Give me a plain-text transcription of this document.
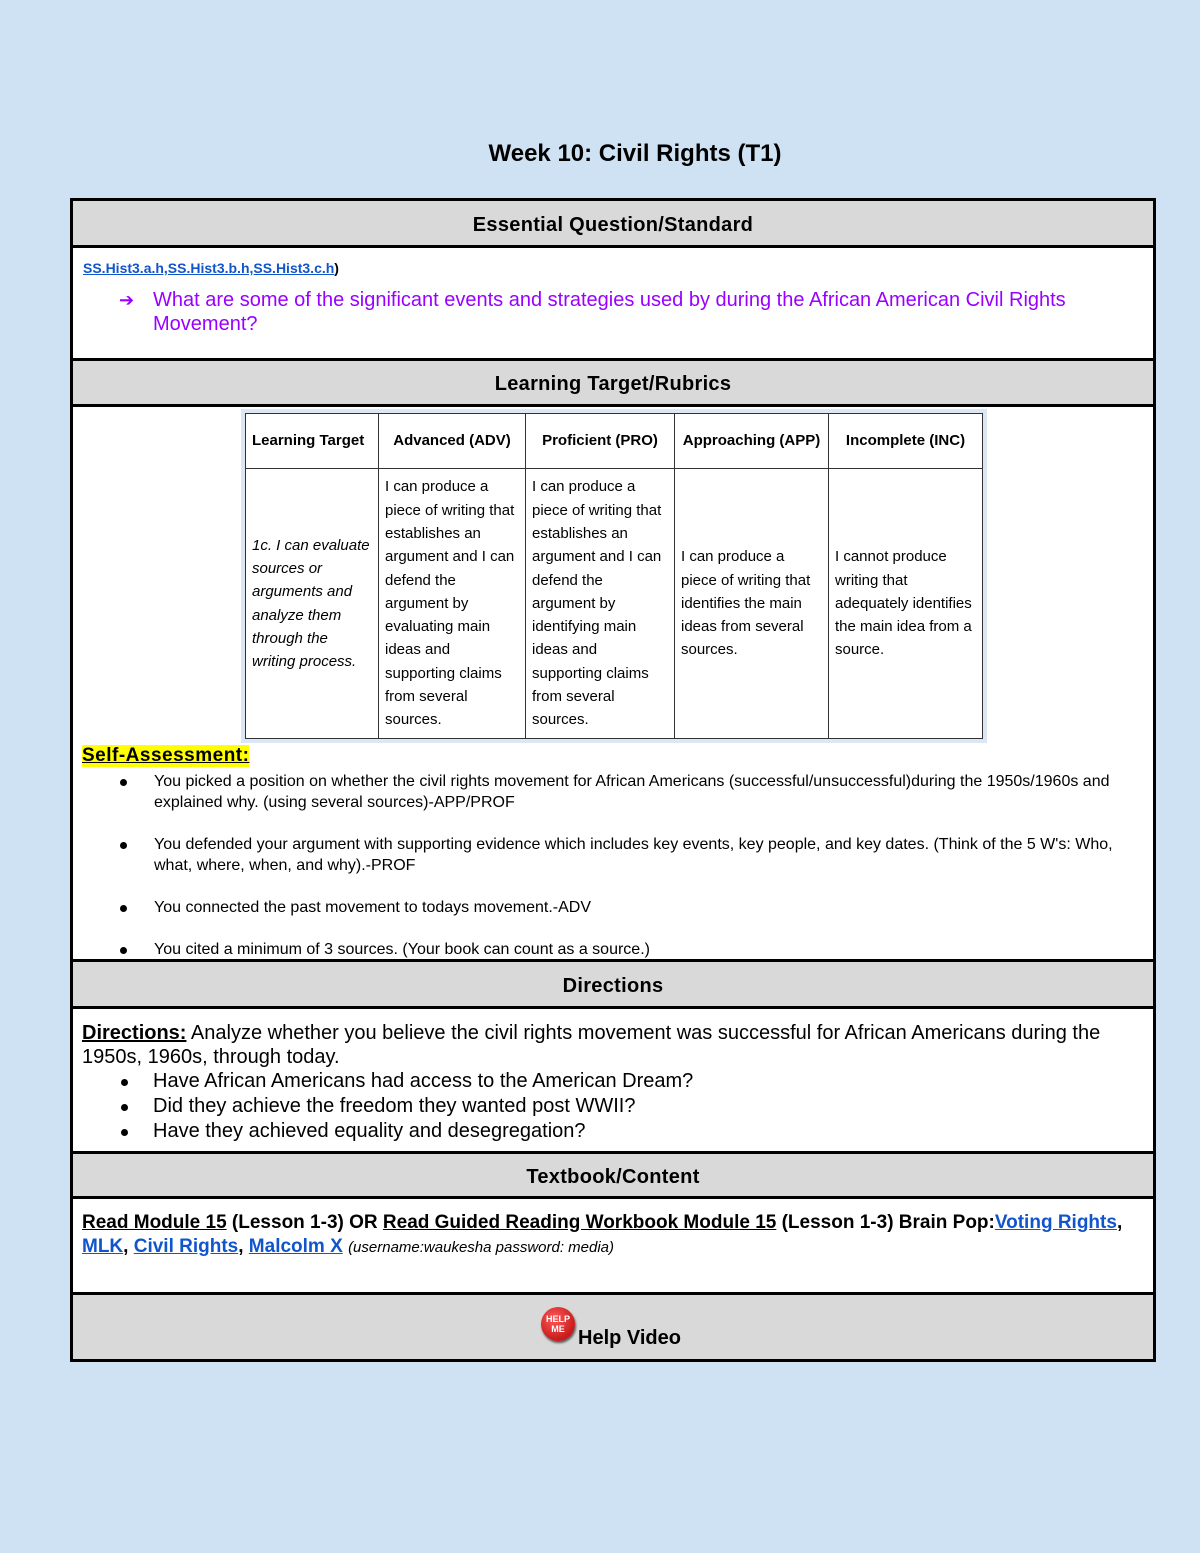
Week 10: Civil Rights (T1)
Essential Question/Standard
SS.Hist3.a.h,SS.Hist3.b.h,SS.Hist3.c.h)
➔ What are some of the significant events and strategies used by during the African American Civil Rights Movement?
Learning Target/Rubrics
Learning Target	Advanced (ADV)	Proficient (PRO)	Approaching (APP)	Incomplete (INC)
1c. I can evaluate sources or arguments and analyze them through the writing process.	I can produce a piece of writing that establishes an argument and I can defend the argument by evaluating main ideas and supporting claims from several sources.	I can produce a piece of writing that establishes an argument and I can defend the argument by identifying main ideas and supporting claims from several sources.	I can produce a piece of writing that identifies the main ideas from several sources.	I cannot produce writing that adequately identifies the main idea from a source.
Self-Assessment:
You picked a position on whether the civil rights movement for African Americans (successful/unsuccessful)during the 1950s/1960s and explained why. (using several sources)-APP/PROF
You defended your argument with supporting evidence which includes key events, key people, and key dates. (Think of the 5 W's: Who, what, where, when, and why).-PROF
You connected the past movement to todays movement.-ADV
You cited a minimum of 3 sources. (Your book can count as a source.)
Directions
Directions: Analyze whether you believe the civil rights movement was successful for African Americans during the 1950s, 1960s, through today.
Have African Americans had access to the American Dream?
Did they achieve the freedom they wanted post WWII?
Have they achieved equality and desegregation?
Textbook/Content
Read Module 15 (Lesson 1-3) OR Read Guided Reading Workbook Module 15 (Lesson 1-3) Brain Pop:Voting Rights, MLK, Civil Rights, Malcolm X (username:waukesha password: media)
HELP ME Help Video
